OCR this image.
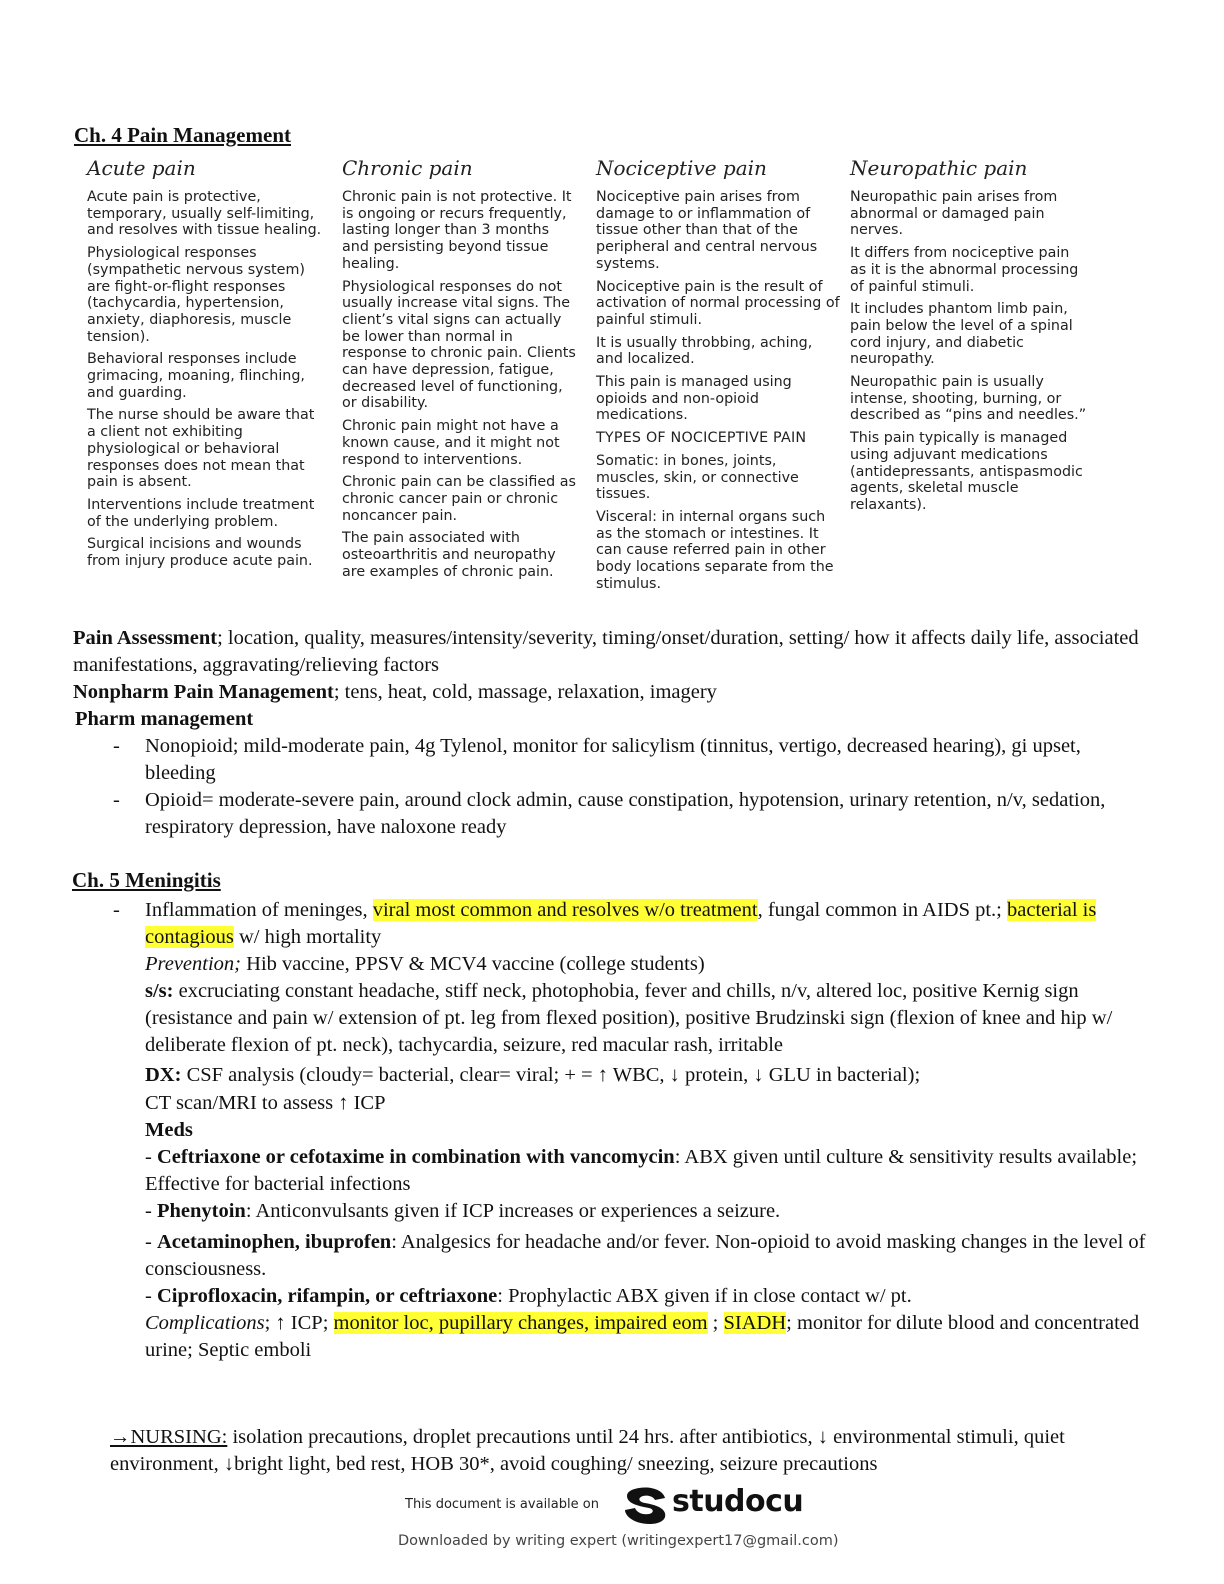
Ch. 4 Pain Management
Acute pain

Acute pain is protective, temporary, usually self-limiting, and resolves with tissue healing.

Physiological responses (sympathetic nervous system) are fight-or-flight responses (tachycardia, hypertension, anxiety, diaphoresis, muscle tension).

Behavioral responses include grimacing, moaning, flinching, and guarding.

The nurse should be aware that a client not exhibiting physiological or behavioral responses does not mean that pain is absent.

Interventions include treatment of the underlying problem.

Surgical incisions and wounds from injury produce acute pain.

Chronic pain

Chronic pain is not protective. It is ongoing or recurs frequently, lasting longer than 3 months and persisting beyond tissue healing.

Physiological responses do not usually increase vital signs. The client’s vital signs can actually be lower than normal in response to chronic pain. Clients can have depression, fatigue, decreased level of functioning, or disability.

Chronic pain might not have a known cause, and it might not respond to interventions.

Chronic pain can be classified as chronic cancer pain or chronic noncancer pain.

The pain associated with osteoarthritis and neuropathy are examples of chronic pain.

Nociceptive pain

Nociceptive pain arises from damage to or inflammation of tissue other than that of the peripheral and central nervous systems.

Nociceptive pain is the result of activation of normal processing of painful stimuli.

It is usually throbbing, aching, and localized.

This pain is managed using opioids and non-opioid medications.

TYPES OF NOCICEPTIVE PAIN

Somatic: in bones, joints, muscles, skin, or connective tissues.

Visceral: in internal organs such as the stomach or intestines. It can cause referred pain in other body locations separate from the stimulus.

Neuropathic pain

Neuropathic pain arises from abnormal or damaged pain nerves.

It differs from nociceptive pain as it is the abnormal processing of painful stimuli.

It includes phantom limb pain, pain below the level of a spinal cord injury, and diabetic neuropathy.

Neuropathic pain is usually intense, shooting, burning, or described as “pins and needles.”

This pain typically is managed using adjuvant medications (antidepressants, antispasmodic agents, skeletal muscle relaxants).

Pain Assessment; location, quality, measures/intensity/severity, timing/onset/duration, setting/ how it affects daily life, associated manifestations, aggravating/relieving factors
Nonpharm Pain Management; tens, heat, cold, massage, relaxation, imagery
Pharm management
- Nonopioid; mild-moderate pain, 4g Tylenol, monitor for salicylism (tinnitus, vertigo, decreased hearing), gi upset, bleeding
- Opioid= moderate-severe pain, around clock admin, cause constipation, hypotension, urinary retention, n/v, sedation, respiratory depression, have naloxone ready
Ch. 5 Meningitis
- Inflammation of meninges, viral most common and resolves w/o treatment, fungal common in AIDS pt.; bacterial is contagious w/ high mortality
Prevention; Hib vaccine, PPSV & MCV4 vaccine (college students)
s/s: excruciating constant headache, stiff neck, photophobia, fever and chills, n/v, altered loc, positive Kernig sign (resistance and pain w/ extension of pt. leg from flexed position), positive Brudzinski sign (flexion of knee and hip w/ deliberate flexion of pt. neck), tachycardia, seizure, red macular rash, irritable
DX: CSF analysis (cloudy= bacterial, clear= viral; + = ↑ WBC, ↓ protein, ↓ GLU in bacterial);
CT scan/MRI to assess ↑ ICP
Meds
- Ceftriaxone or cefotaxime in combination with vancomycin: ABX given until culture & sensitivity results available; Effective for bacterial infections
- Phenytoin: Anticonvulsants given if ICP increases or experiences a seizure.
- Acetaminophen, ibuprofen: Analgesics for headache and/or fever. Non-opioid to avoid masking changes in the level of consciousness.
- Ciprofloxacin, rifampin, or ceftriaxone: Prophylactic ABX given if in close contact w/ pt.
Complications; ↑ ICP; monitor loc, pupillary changes, impaired eom ; SIADH; monitor for dilute blood and concentrated urine; Septic emboli
→NURSING: isolation precautions, droplet precautions until 24 hrs. after antibiotics, ↓ environmental stimuli, quiet environment, ↓bright light, bed rest, HOB 30*, avoid coughing/ sneezing, seizure precautions
This document is available on studocu
Downloaded by writing expert (writingexpert17@gmail.com)
